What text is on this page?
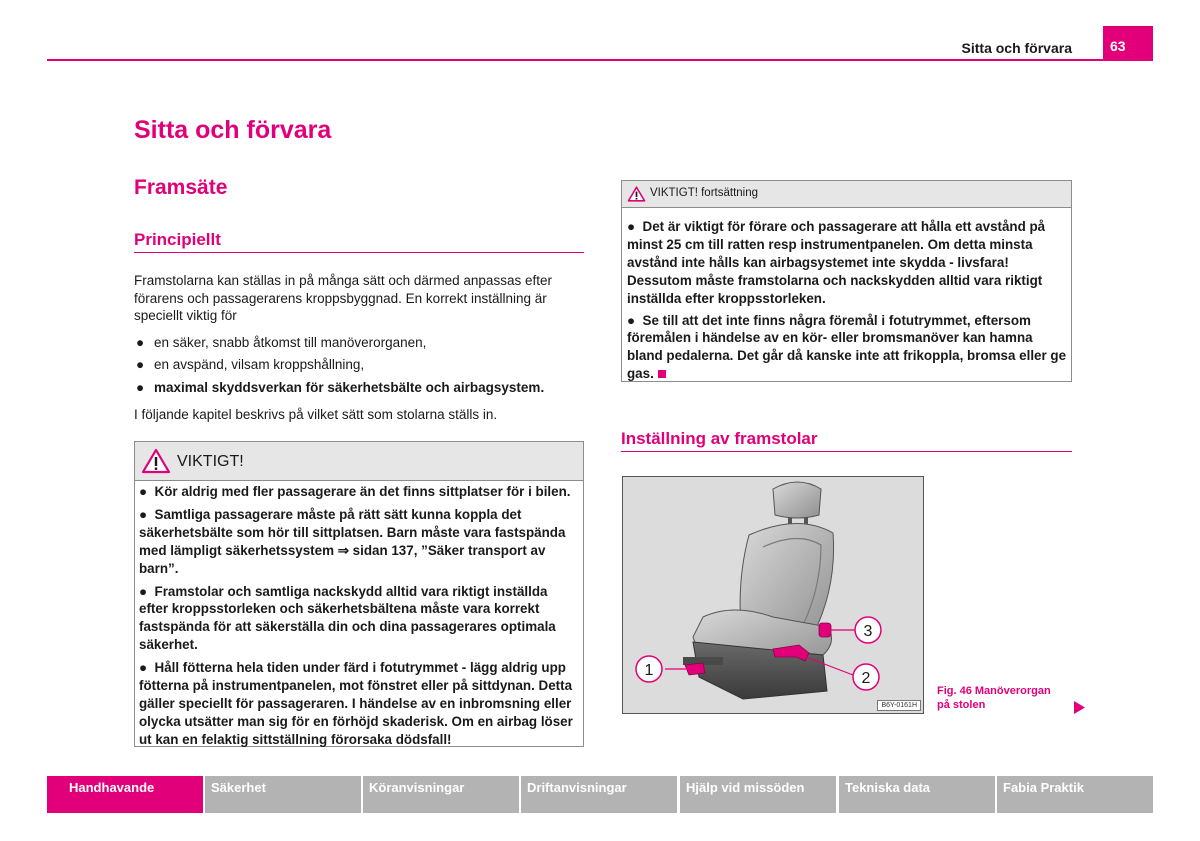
Sitta och förvara	63
Sitta och förvara
Framsäte
Principiellt
Framstolarna kan ställas in på många sätt och därmed anpassas efter förarens och passagerarens kroppsbyggnad. En korrekt inställning är speciellt viktig för
● en säker, snabb åtkomst till manöverorganen,
● en avspänd, vilsam kroppshållning,
● maximal skyddsverkan för säkerhetsbälte och airbagsystem.
I följande kapitel beskrivs på vilket sätt som stolarna ställs in.
VIKTIGT!
●  Kör aldrig med fler passagerare än det finns sittplatser för i bilen.
●  Samtliga passagerare måste på rätt sätt kunna koppla det säkerhetsbälte som hör till sittplatsen. Barn måste vara fastspända med lämpligt säkerhetssystem ⇒ sidan 137, ”Säker transport av barn”.
●  Framstolar och samtliga nackskydd alltid vara riktigt inställda efter kroppsstorleken och säkerhetsbältena måste vara korrekt fastspända för att säkerställa din och dina passagerares optimala säkerhet.
●  Håll fötterna hela tiden under färd i fotutrymmet - lägg aldrig upp fötterna på instrumentpanelen, mot fönstret eller på sittdynan. Detta gäller speciellt för passageraren. I händelse av en inbromsning eller olycka utsätter man sig för en förhöjd skaderisk. Om en airbag löser ut kan en felaktig sittställning förorsaka dödsfall!
VIKTIGT! fortsättning
●  Det är viktigt för förare och passagerare att hålla ett avstånd på minst 25 cm till ratten resp instrumentpanelen. Om detta minsta avstånd inte hålls kan airbagsystemet inte skydda - livsfara! Dessutom måste framstolarna och nackskydden alltid vara riktigt inställda efter kroppsstorleken.
●  Se till att det inte finns några föremål i fotutrymmet, eftersom föremålen i händelse av en kör- eller bromsmanöver kan hamna bland pedalerna. Det går då kanske inte att frikoppla, bromsa eller ge gas.
Inställning av framstolar
1	2
3
B6Y-0161H
Fig. 46 Manöverorgan
på stolen
Handhavande	Säkerhet	Köranvisningar	Driftanvisningar	Hjälp vid missöden	Tekniska data	Fabia Praktik
